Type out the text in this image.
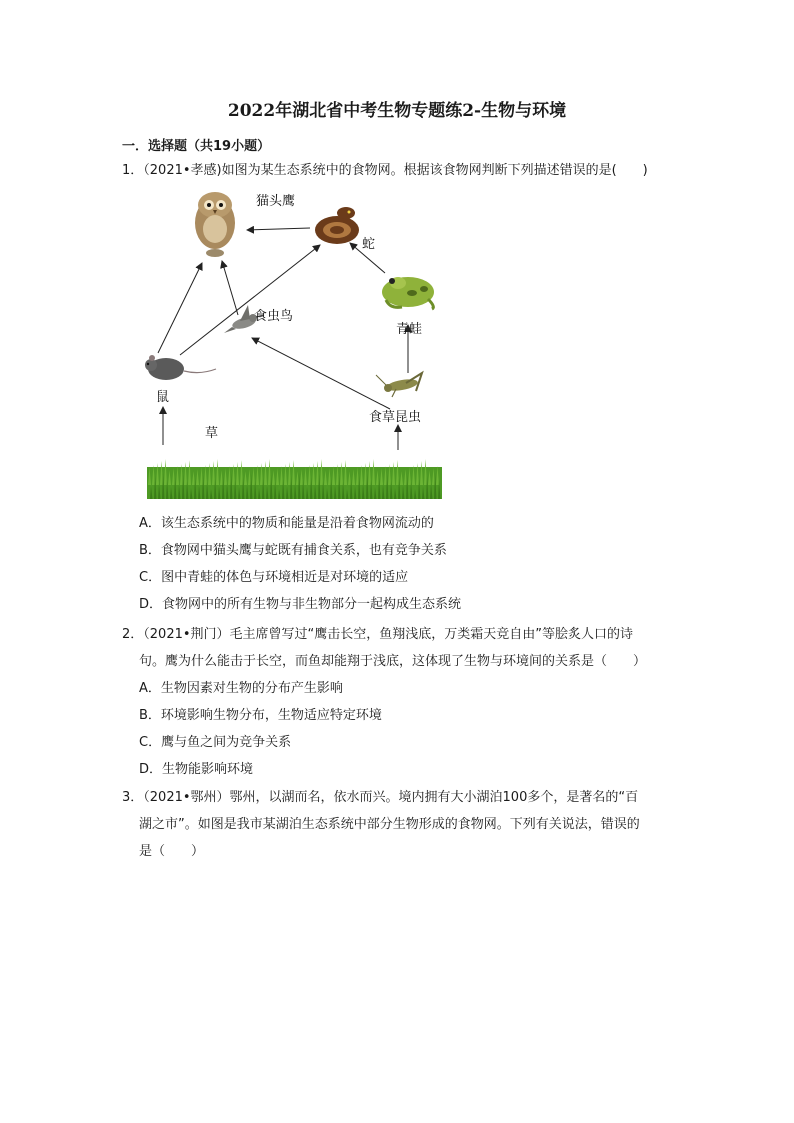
2022年湖北省中考生物专题练2-生物与环境
一．选择题（共19小题）
1．（2021•孝感)如图为某生态系统中的食物网。根据该食物网判断下列描述错误的是(　　)
猫头鹰
蛇
青蛙
食虫鸟
鼠
食草昆虫
草
A．该生态系统中的物质和能量是沿着食物网流动的
B．食物网中猫头鹰与蛇既有捕食关系，也有竞争关系
C．图中青蛙的体色与环境相近是对环境的适应
D．食物网中的所有生物与非生物部分一起构成生态系统
2．（2021•荆门）毛主席曾写过“鹰击长空，鱼翔浅底，万类霜天竞自由”等脍炙人口的诗
句。鹰为什么能击于长空，而鱼却能翔于浅底，这体现了生物与环境间的关系是（　　）
A．生物因素对生物的分布产生影响
B．环境影响生物分布，生物适应特定环境
C．鹰与鱼之间为竞争关系
D．生物能影响环境
3．（2021•鄂州）鄂州，以湖而名，依水而兴。境内拥有大小湖泊100多个，是著名的“百
湖之市”。如图是我市某湖泊生态系统中部分生物形成的食物网。下列有关说法，错误的
是（　　）
